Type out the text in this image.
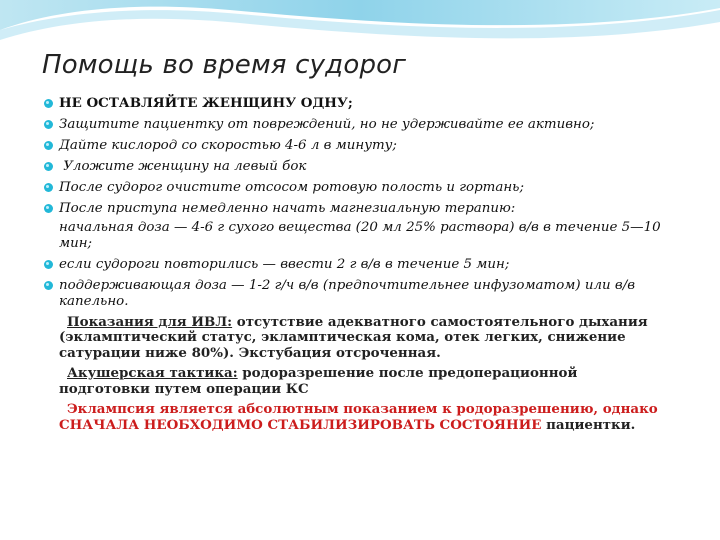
Помощь во время судорог
НЕ ОСТАВЛЯЙТЕ ЖЕНЩИНУ ОДНУ;
Защитите пациентку от повреждений, но не удерживайте ее активно;
Дайте кислород со скоростью 4-6 л в минуту;
Уложите женщину на левый бок
После судорог очистите отсосом ротовую полость и гортань;
После приступа немедленно начать магнезиальную терапию:
начальная доза — 4-6 г сухого вещества (20 мл 25% раствора) в/в в течение 5—10 мин;
если судороги повторились — ввести 2 г в/в в течение 5 мин;
поддерживающая доза — 1-2 г/ч в/в (предпочтительнее инфузоматом) или в/в капельно.
Показания для ИВЛ: отсутствие адекватного самостоятельного дыхания (экламптический статус, экламптическая кома, отек легких, снижение сатурации ниже 80%). Экстубация отсроченная.
Акушерская тактика: родоразрешение после предоперационной подготовки путем операции КС
Эклампсия является абсолютным показанием к родоразрешению, однако СНАЧАЛА НЕОБХОДИМО СТАБИЛИЗИРОВАТЬ СОСТОЯНИЕ пациентки.
